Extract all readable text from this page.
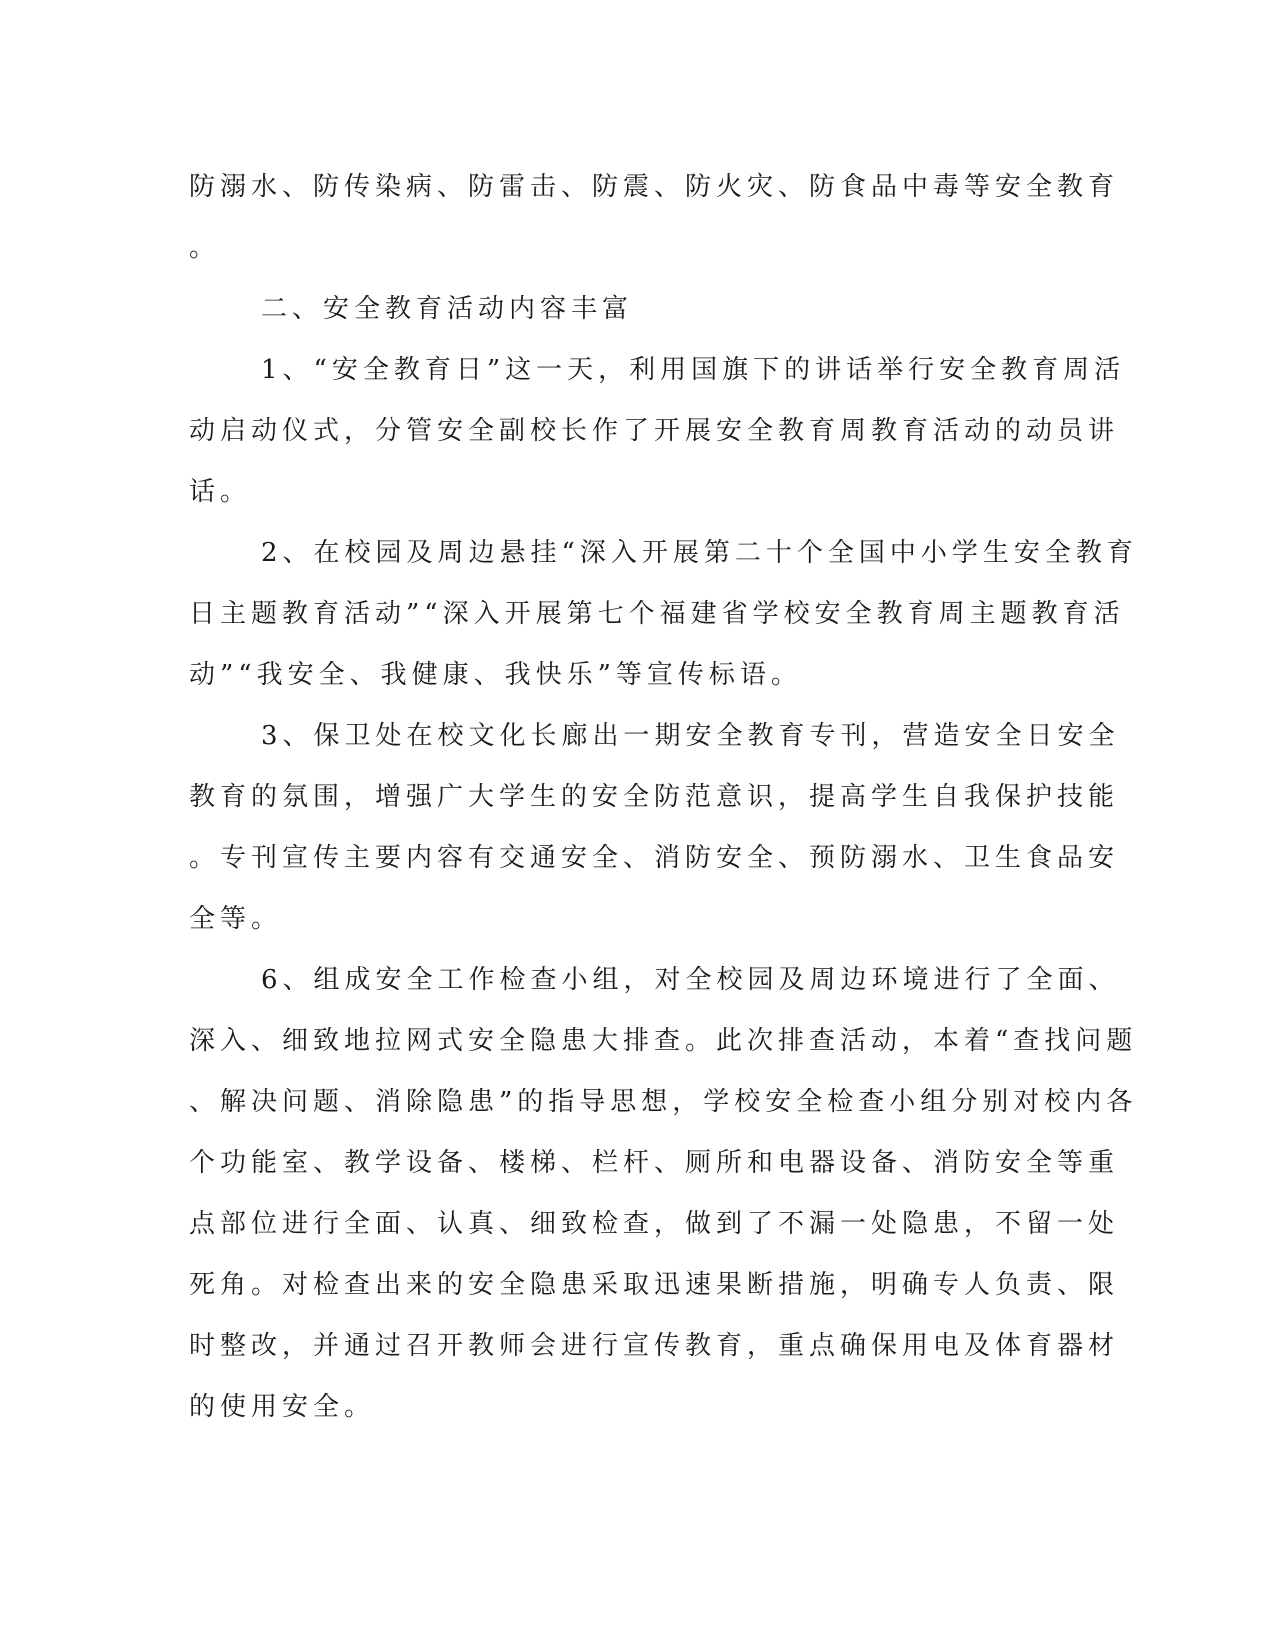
防溺水、防传染病、防雷击、防震、防火灾、防食品中毒等安全教育
。
二、安全教育活动内容丰富
1、“安全教育日”这一天，利用国旗下的讲话举行安全教育周活
动启动仪式，分管安全副校长作了开展安全教育周教育活动的动员讲
话。
2、在校园及周边悬挂“深入开展第二十个全国中小学生安全教育
日主题教育活动”“深入开展第七个福建省学校安全教育周主题教育活
动”“我安全、我健康、我快乐”等宣传标语。
3、保卫处在校文化长廊出一期安全教育专刊，营造安全日安全
教育的氛围，增强广大学生的安全防范意识，提高学生自我保护技能
。专刊宣传主要内容有交通安全、消防安全、预防溺水、卫生食品安
全等。
6、组成安全工作检查小组，对全校园及周边环境进行了全面、
深入、细致地拉网式安全隐患大排查。此次排查活动，本着“查找问题
、解决问题、消除隐患”的指导思想，学校安全检查小组分别对校内各
个功能室、教学设备、楼梯、栏杆、厕所和电器设备、消防安全等重
点部位进行全面、认真、细致检查，做到了不漏一处隐患，不留一处
死角。对检查出来的安全隐患采取迅速果断措施，明确专人负责、限
时整改，并通过召开教师会进行宣传教育，重点确保用电及体育器材
的使用安全。
